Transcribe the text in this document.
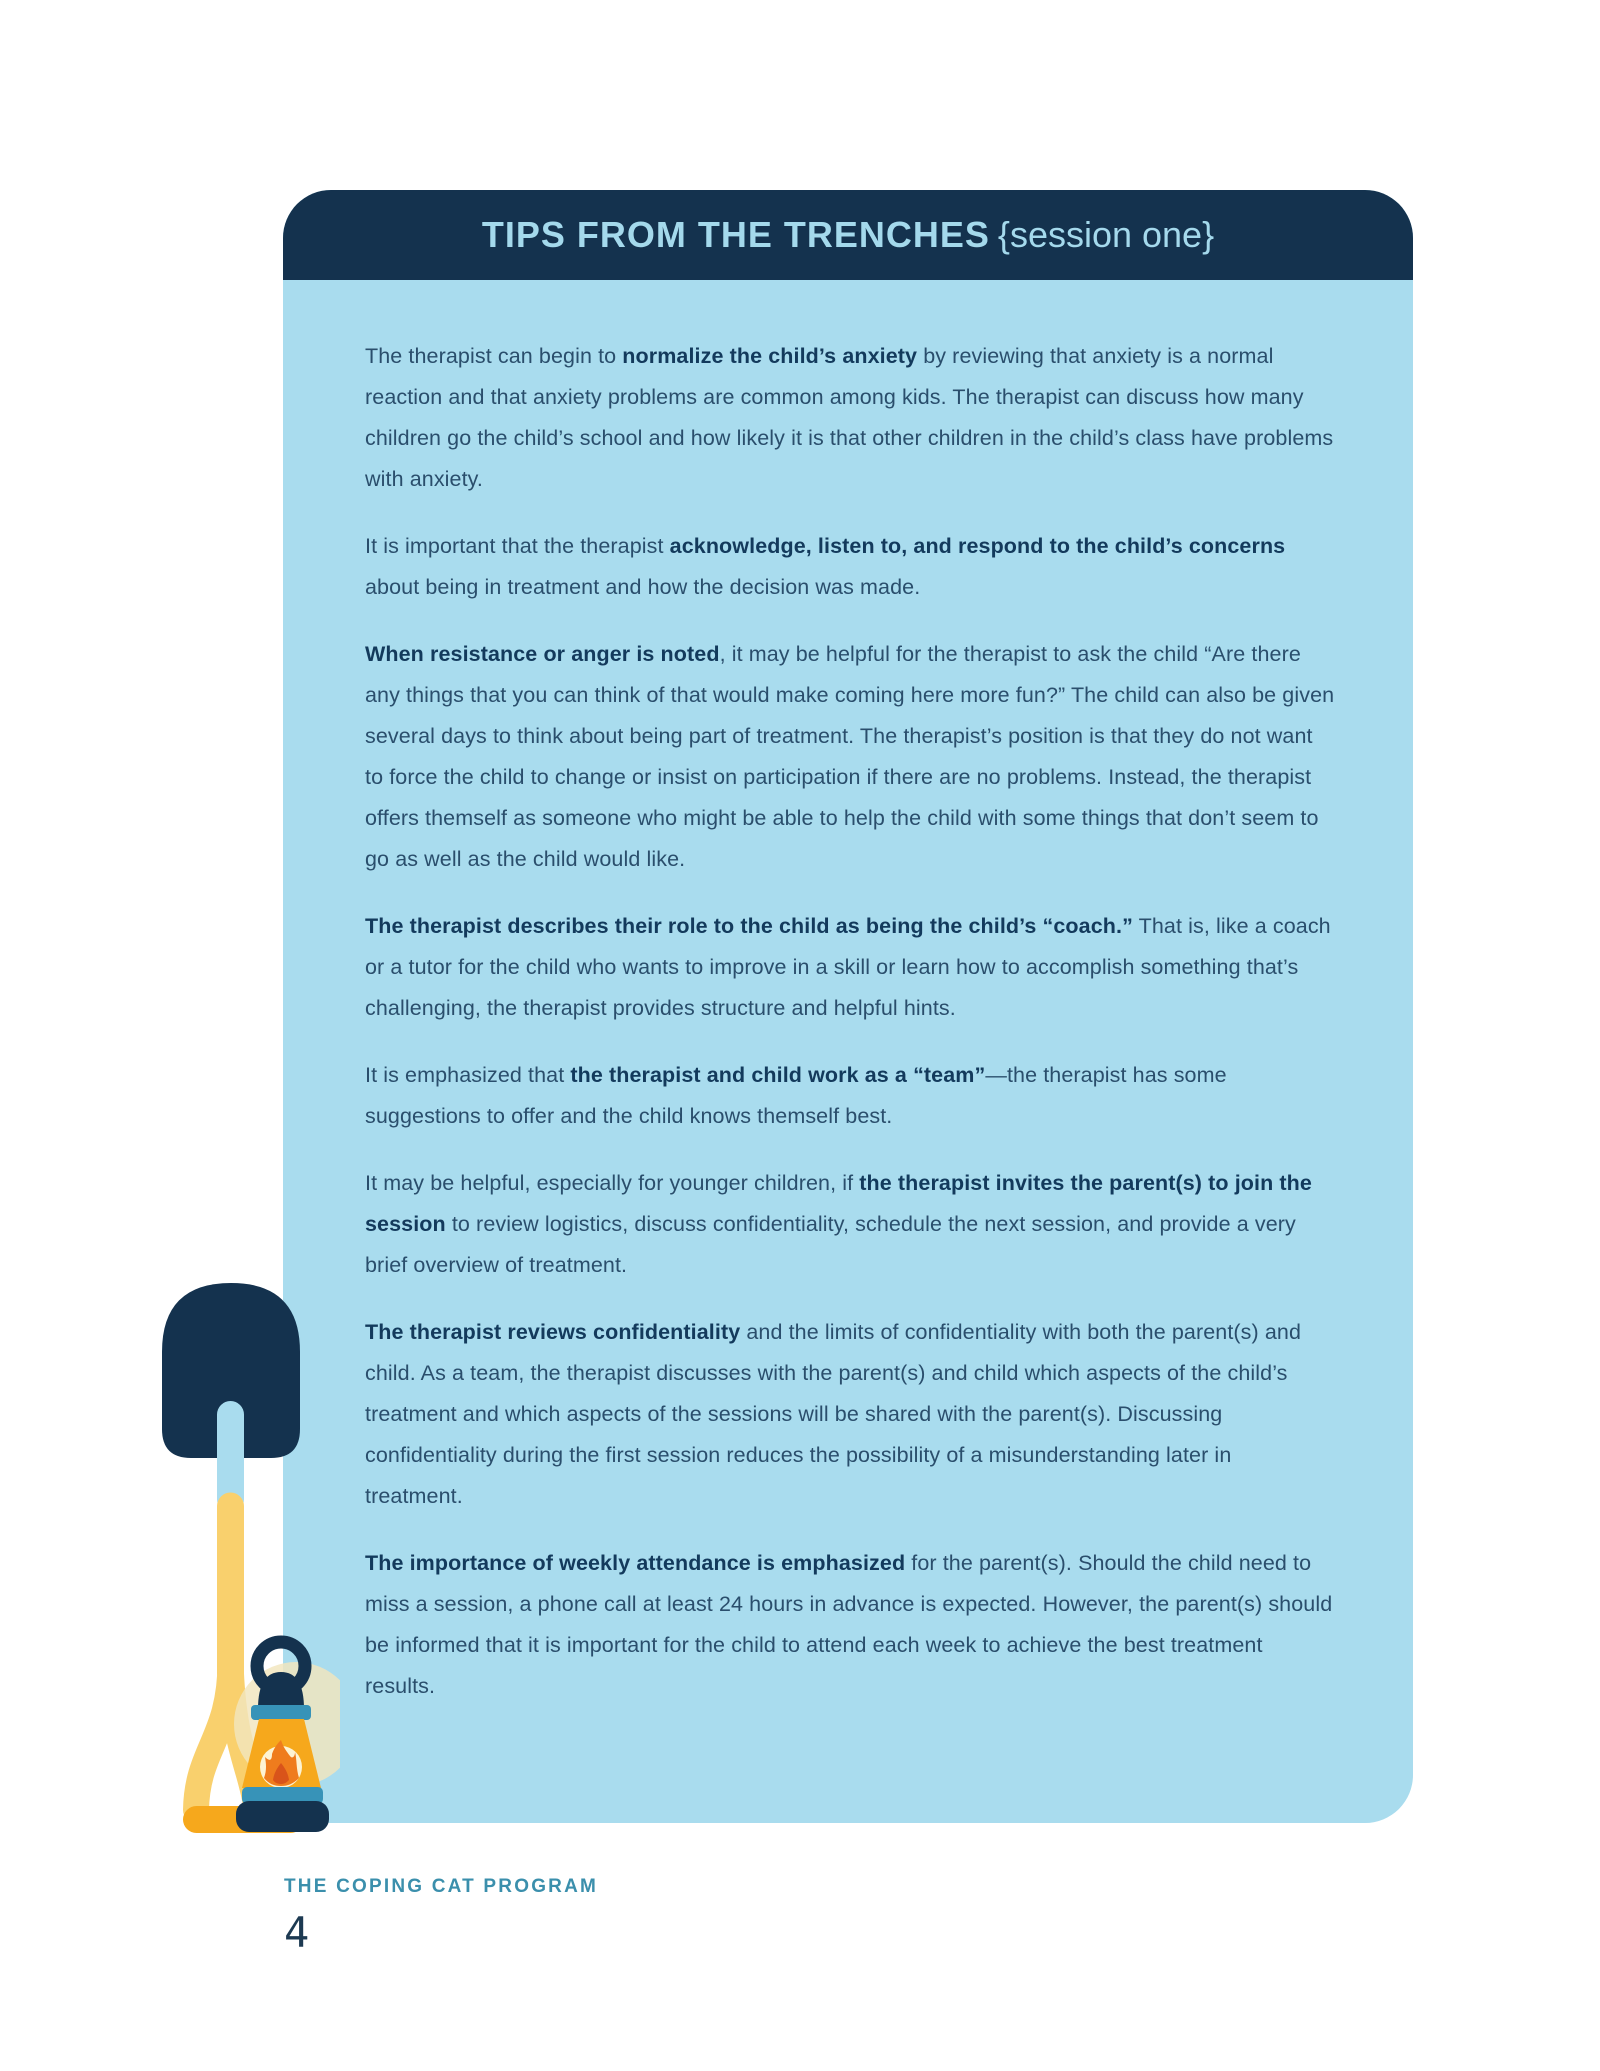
TIPS FROM THE TRENCHES {session one}

The therapist can begin to normalize the child’s anxiety by reviewing that anxiety is a normal reaction and that anxiety problems are common among kids. The therapist can discuss how many children go the child’s school and how likely it is that other children in the child’s class have problems with anxiety.

It is important that the therapist acknowledge, listen to, and respond to the child’s concerns about being in treatment and how the decision was made.

When resistance or anger is noted, it may be helpful for the therapist to ask the child “Are there any things that you can think of that would make coming here more fun?” The child can also be given several days to think about being part of treatment. The therapist’s position is that they do not want to force the child to change or insist on participation if there are no problems. Instead, the therapist offers themself as someone who might be able to help the child with some things that don’t seem to go as well as the child would like.

The therapist describes their role to the child as being the child’s “coach.” That is, like a coach or a tutor for the child who wants to improve in a skill or learn how to accomplish something that’s challenging, the therapist provides structure and helpful hints.

It is emphasized that the therapist and child work as a “team”—the therapist has some suggestions to offer and the child knows themself best.

It may be helpful, especially for younger children, if the therapist invites the parent(s) to join the session to review logistics, discuss confidentiality, schedule the next session, and provide a very brief overview of treatment.

The therapist reviews confidentiality and the limits of confidentiality with both the parent(s) and child. As a team, the therapist discusses with the parent(s) and child which aspects of the child’s treatment and which aspects of the sessions will be shared with the parent(s). Discussing confidentiality during the first session reduces the possibility of a misunderstanding later in treatment.

The importance of weekly attendance is emphasized for the parent(s). Should the child need to miss a session, a phone call at least 24 hours in advance is expected. However, the parent(s) should be informed that it is important for the child to attend each week to achieve the best treatment results.

THE COPING CAT PROGRAM
4
